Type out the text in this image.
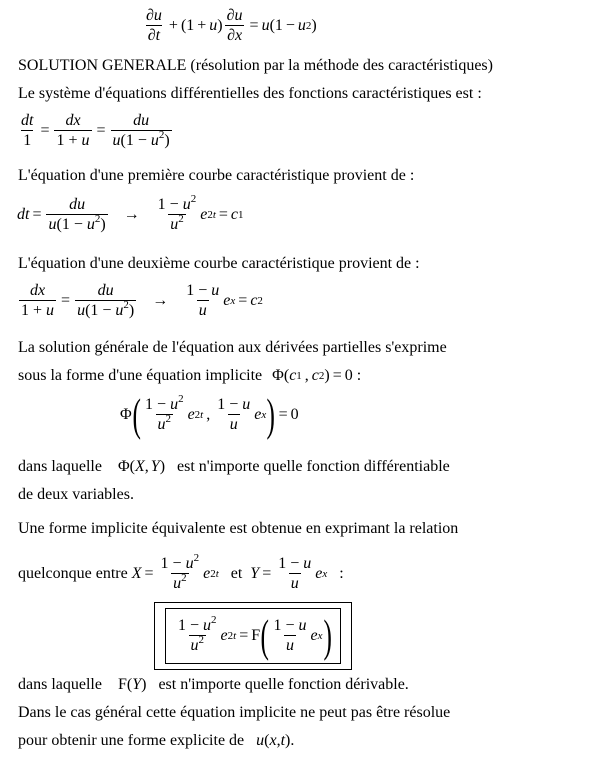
∂u
∂t
+ (1 + u ) $\frac{\partial u}{\partial x} = u$ (1 − u 2 )
SOLUTION GENERALE (résolution par la méthode des caractéristiques)
Le système d'équations différentielles des fonctions caractéristiques est :
$\frac{dt}{1} = \frac{dx}{1 + u} = \frac{du}{u(1 - u^2)}$
L'équation d'une première courbe caractéristique provient de :
dt = $\frac{du}{u(1 - u^2)}$ →
$1 - u^2$
$u^2$ e 2t = c 1
L'équation d'une deuxième courbe caractéristique provient de :
$\frac{dx}{1 + u} = \frac{du}{u(1 - u^2)}$ →
1 − u
u
e x = c 2
La solution générale de l'équation aux dérivées partielles s'exprime
sous la forme d'une équation implicite Φ( c 1 , c 2 ) = 0 :
Φ ( $1 - u^2$
$u^2$ e 2t ,
1 − u
u
e x ) = 0
dans laquelle Φ( X , Y ) est n'importe quelle fonction différentiable
de deux variables.
Une forme implicite équivalente est obtenue en exprimant la relation
quelconque entre $X = \frac{1 - u^2}{u^2}$ e 2t et $Y = \frac{1 - u}{u}$ e x :
$1 - u^2$
$u^2$ e 2t = F ( 1 − u
u
e x )
dans laquelle F( Y ) est n'importe quelle fonction dérivable.
Dans le cas général cette équation implicite ne peut pas être résolue
pour obtenir une forme explicite de u ( x , t ).
